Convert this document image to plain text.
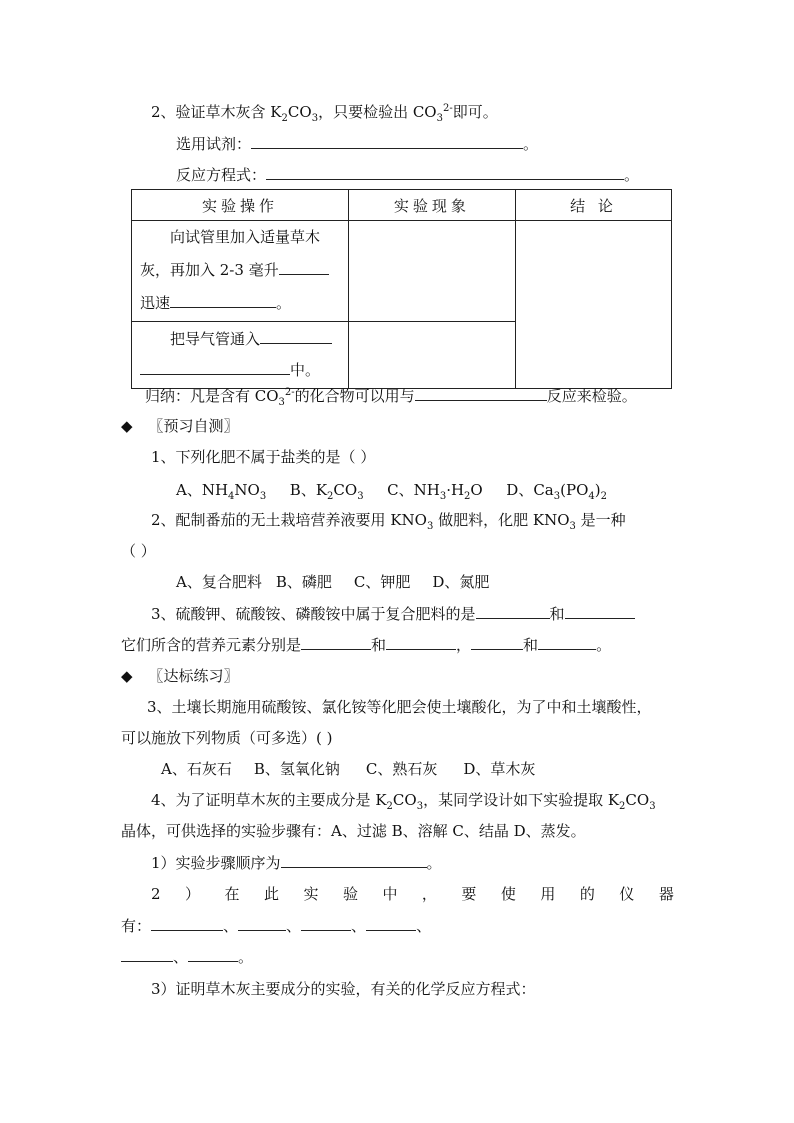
2、验证草木灰含 $K_2CO_3$，只要检验出 $CO_3^{2-}$即可。
选用试剂：	。
反应方程式：	。
实验操作	实验现象	结 论

向试管里加入适量草木
灰，再加入 2-3 毫升
迅速 。		

把导气管通入
中。		

归纳：凡是含有 $CO_3^{2-}$的化合物可以用与	反应来检验。
◆ 〖预习自测〗
1、下列化肥不属于盐类的是（ ）
A、$NH_4NO_3$ B、$K_2CO_3$ C、$NH_3\cdot H_2O$ D、$Ca_3(PO_4)_2$
2、配制番茄的无土栽培营养液要用 $KNO_3$ 做肥料，化肥 $KNO_3$ 是一种
（ ）
A、复合肥料 B、磷肥 C、钾肥 D、氮肥
3、硫酸钾、硫酸铵、磷酸铵中属于复合肥料的是	和
它们所含的营养元素分别是	和	，	和	。
◆ 〖达标练习〗
3、土壤长期施用硫酸铵、氯化铵等化肥会使土壤酸化，为了中和土壤酸性，
可以施放下列物质（可多选）( )
A、石灰石 B、氢氧化钠 C、熟石灰 D、草木灰
4、为了证明草木灰的主要成分是 $K_2CO_3$，某同学设计如下实验提取 $K_2CO_3$
晶体，可供选择的实验步骤有：A、过滤 B、溶解 C、结晶 D、蒸发。
1）实验步骤顺序为	。
2 ） 在 此 实 验 中 ， 要 使 用 的 仪 器
有：	、	、	、	、
、	。
3）证明草木灰主要成分的实验，有关的化学反应方程式：
